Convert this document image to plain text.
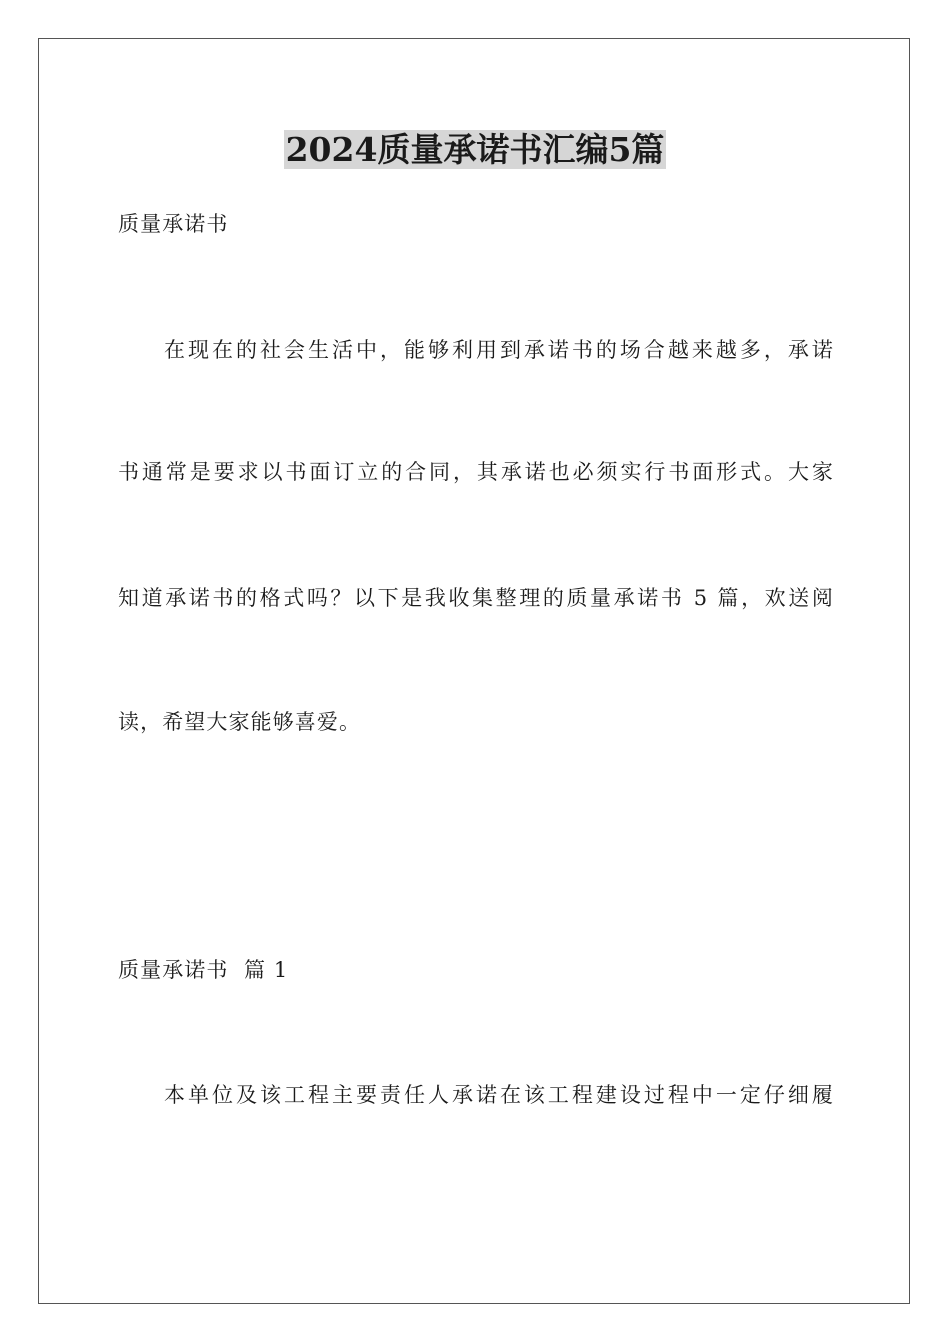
2024质量承诺书汇编5篇

质量承诺书

在现在的社会生活中，能够利用到承诺书的场合越来越多，承诺

书通常是要求以书面订立的合同，其承诺也必须实行书面形式。大家

知道承诺书的格式吗？以下是我收集整理的质量承诺书 5 篇，欢送阅

读，希望大家能够喜爱。

质量承诺书  篇 1

本单位及该工程主要责任人承诺在该工程建设过程中一定仔细履
